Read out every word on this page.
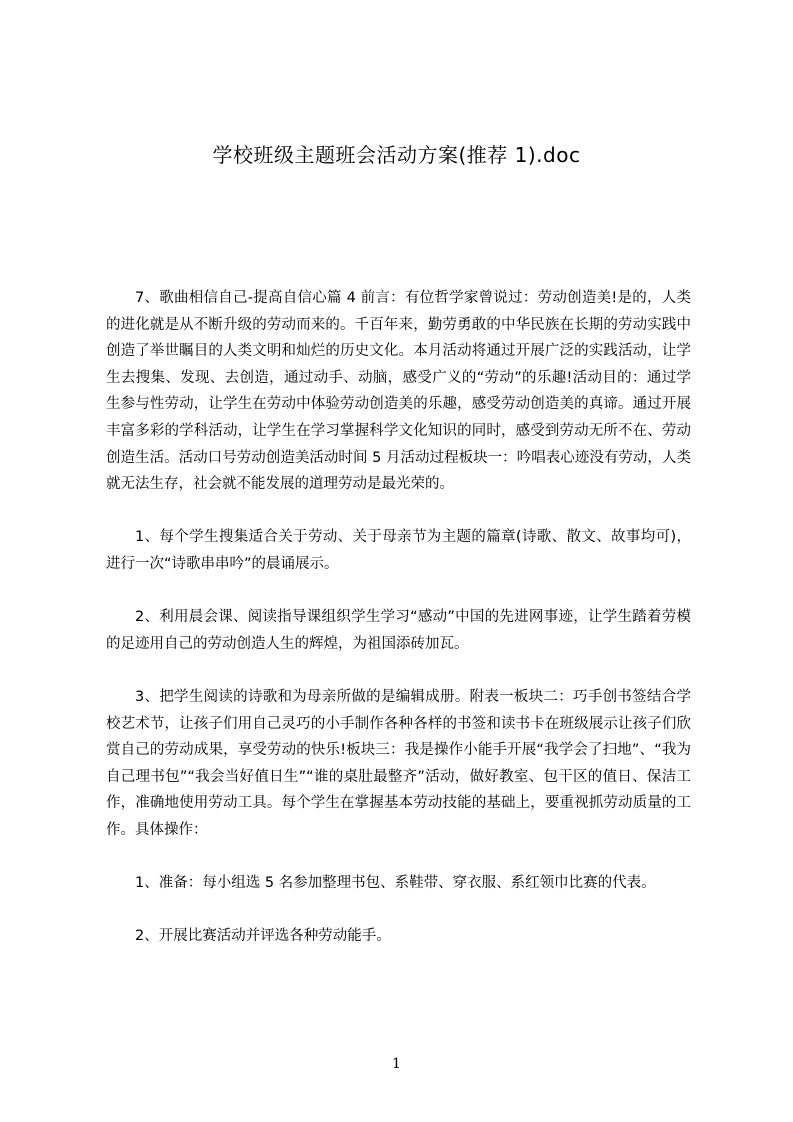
学校班级主题班会活动方案(推荐 1).doc

7、歌曲相信自己-提高自信心篇 4 前言：有位哲学家曾说过：劳动创造美!是的，人类的进化就是从不断升级的劳动而来的。千百年来，勤劳勇敢的中华民族在长期的劳动实践中创造了举世瞩目的人类文明和灿烂的历史文化。本月活动将通过开展广泛的实践活动，让学生去搜集、发现、去创造，通过动手、动脑，感受广义的“劳动”的乐趣!活动目的：通过学生参与性劳动，让学生在劳动中体验劳动创造美的乐趣，感受劳动创造美的真谛。通过开展丰富多彩的学科活动，让学生在学习掌握科学文化知识的同时，感受到劳动无所不在、劳动创造生活。活动口号劳动创造美活动时间 5 月活动过程板块一：吟唱表心迹没有劳动，人类就无法生存，社会就不能发展的道理劳动是最光荣的。

1、每个学生搜集适合关于劳动、关于母亲节为主题的篇章(诗歌、散文、故事均可)，进行一次“诗歌串串吟”的晨诵展示。

2、利用晨会课、阅读指导课组织学生学习“感动”中国的先进网事迹，让学生踏着劳模的足迹用自己的劳动创造人生的辉煌，为祖国添砖加瓦。

3、把学生阅读的诗歌和为母亲所做的是编辑成册。附表一板块二：巧手创书签结合学校艺术节，让孩子们用自己灵巧的小手制作各种各样的书签和读书卡在班级展示让孩子们欣赏自己的劳动成果，享受劳动的快乐!板块三：我是操作小能手开展“我学会了扫地”、“我为自己理书包”“我会当好值日生”“谁的桌肚最整齐”活动，做好教室、包干区的值日、保洁工作，准确地使用劳动工具。每个学生在掌握基本劳动技能的基础上，要重视抓劳动质量的工作。具体操作：

1、准备：每小组选 5 名参加整理书包、系鞋带、穿衣服、系红领巾比赛的代表。

2、开展比赛活动并评选各种劳动能手。

1
